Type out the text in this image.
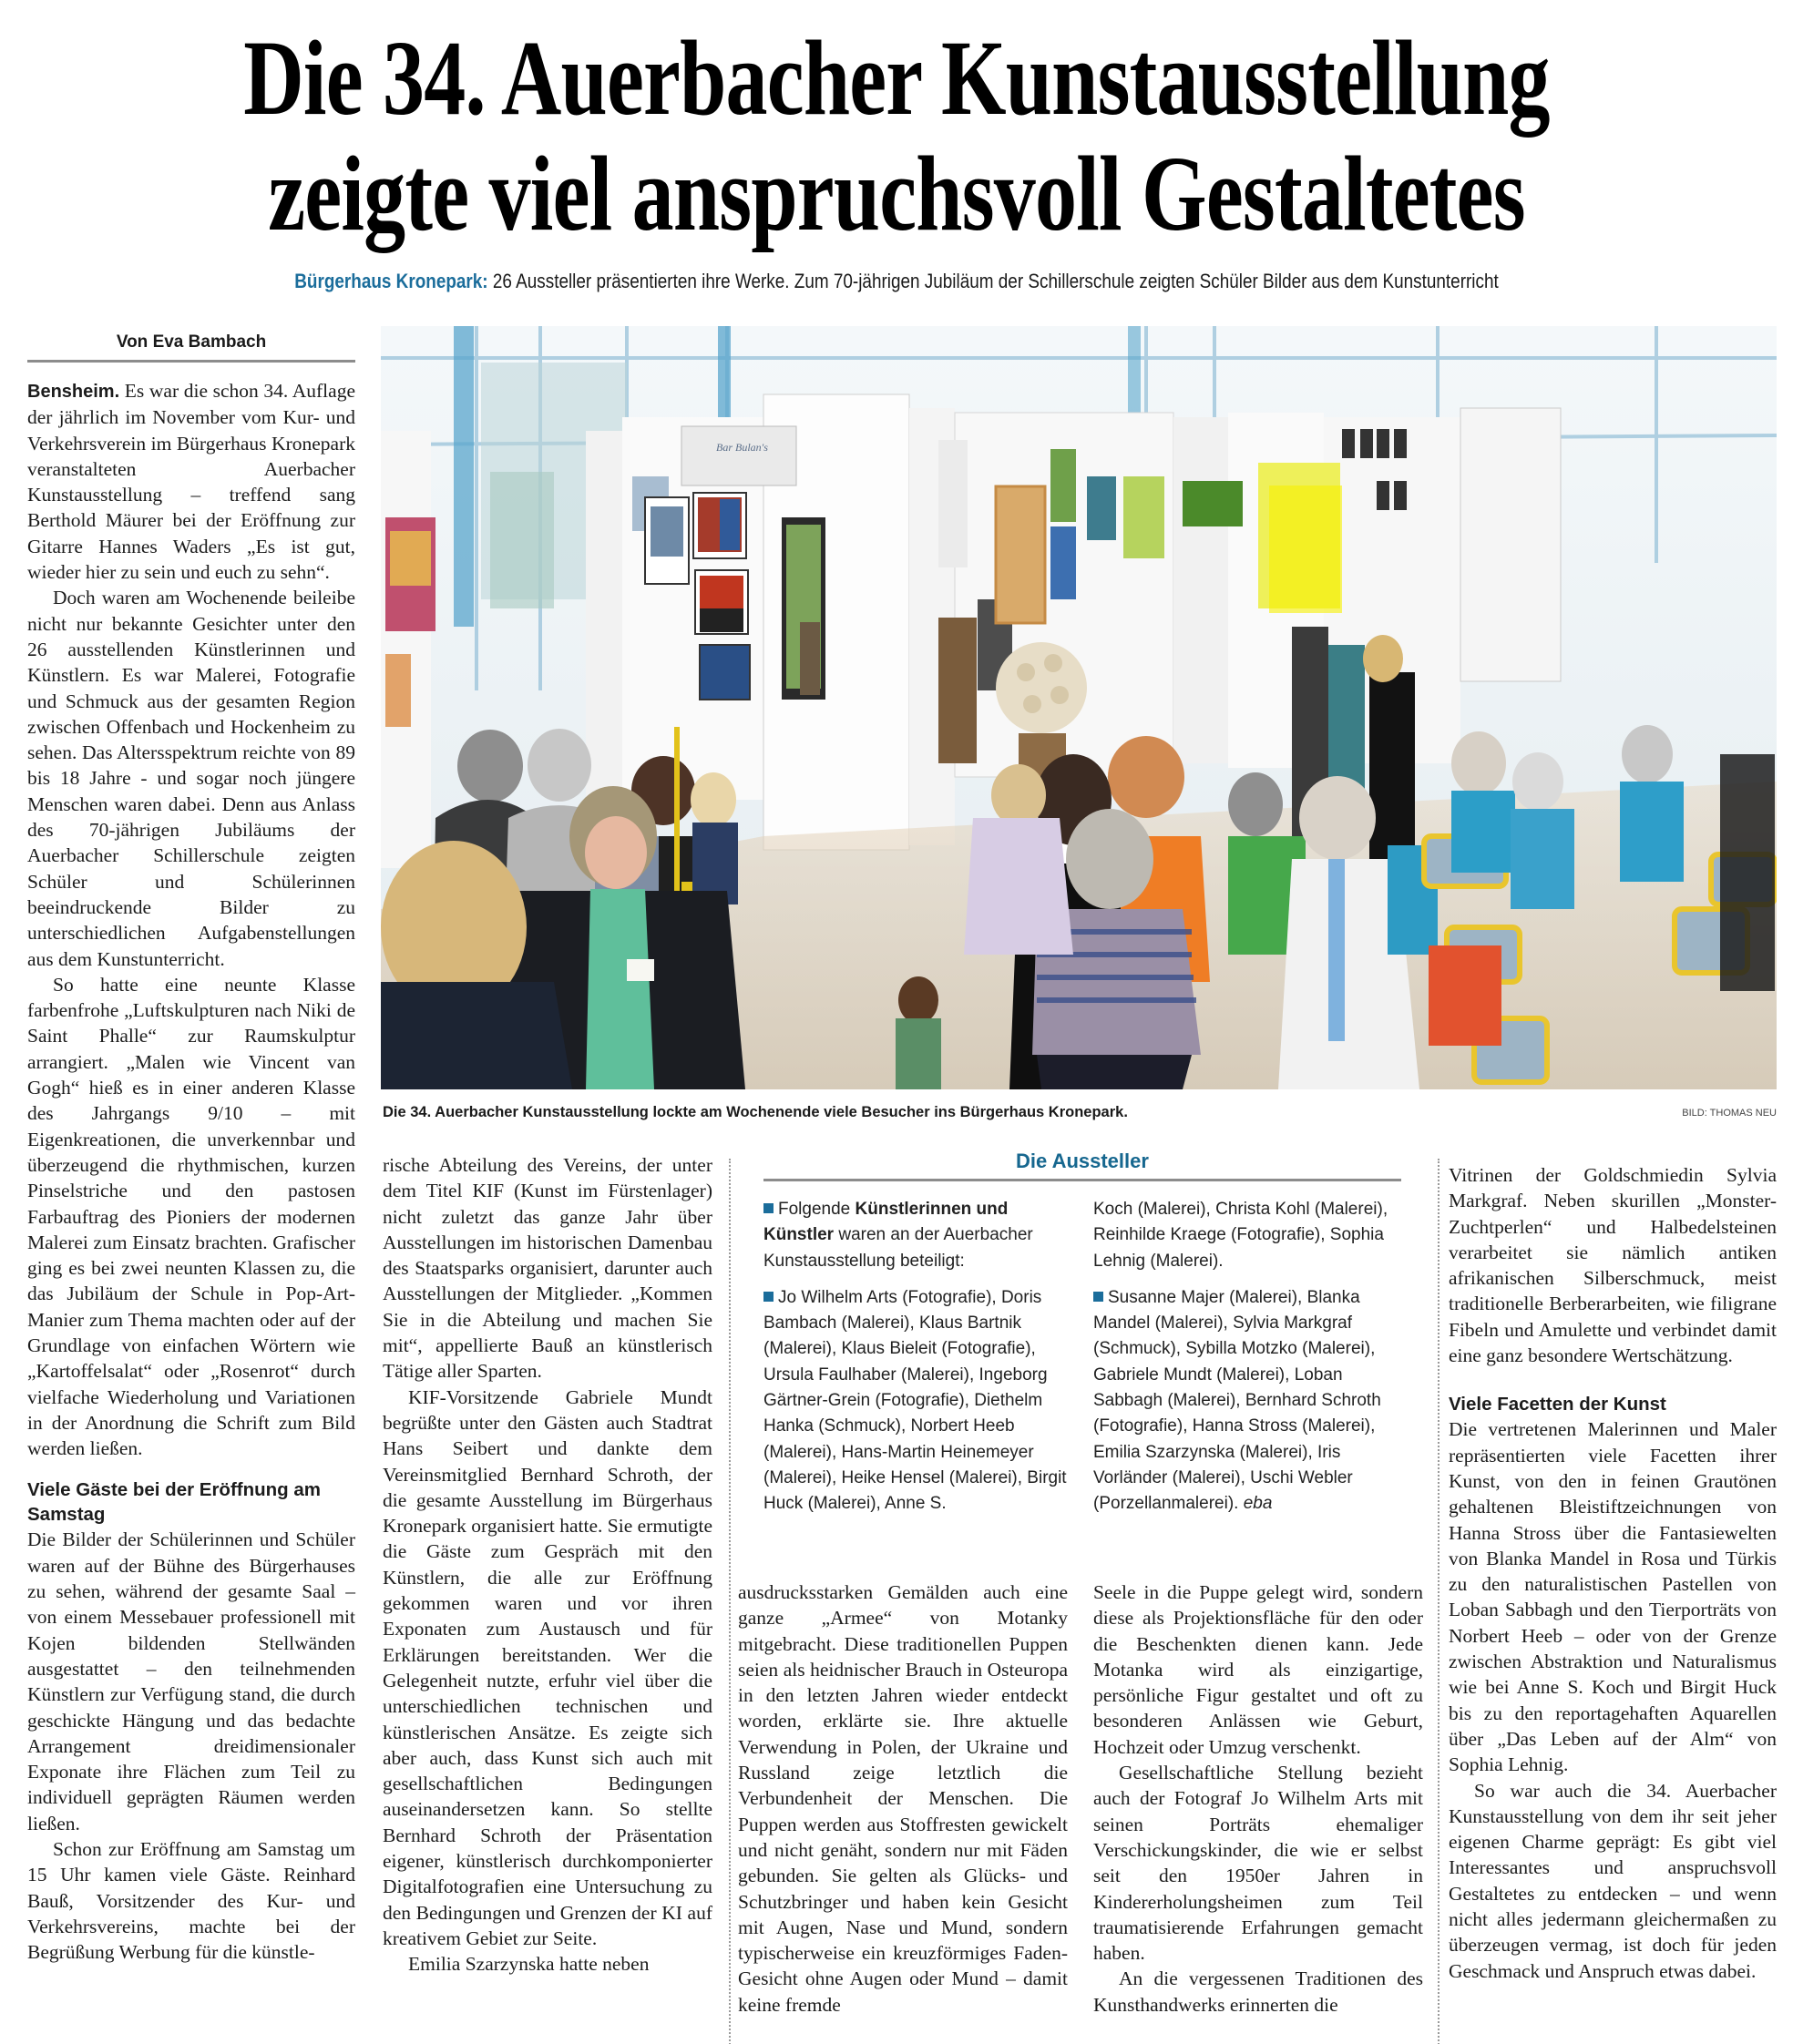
Die 34. Auerbacher Kunstausstellung
zeigte viel anspruchsvoll Gestaltetes
Bürgerhaus Kronepark: 26 Aussteller präsentierten ihre Werke. Zum 70-jährigen Jubiläum der Schillerschule zeigten Schüler Bilder aus dem Kunstunterricht
Von Eva Bambach

Bensheim. Es war die schon 34. Auflage der jährlich im November vom Kur- und Verkehrsverein im Bürgerhaus Kronepark veranstalteten Auerbacher Kunstausstellung – treffend sang Berthold Mäurer bei der Eröffnung zur Gitarre Hannes Waders „Es ist gut, wieder hier zu sein und euch zu sehn“.

Doch waren am Wochenende beileibe nicht nur bekannte Gesichter unter den 26 ausstellenden Künstlerinnen und Künstlern. Es war Malerei, Fotografie und Schmuck aus der gesamten Region zwischen Offenbach und Hockenheim zu sehen. Das Altersspektrum reichte von 89 bis 18 Jahre - und sogar noch jüngere Menschen waren dabei. Denn aus Anlass des 70-jährigen Jubiläums der Auerbacher Schillerschule zeigten Schüler und Schülerinnen beeindruckende Bilder zu unterschiedlichen Aufgabenstellungen aus dem Kunstunterricht.

So hatte eine neunte Klasse farbenfrohe „Luftskulpturen nach Niki de Saint Phalle“ zur Raumskulptur arrangiert. „Malen wie Vincent van Gogh“ hieß es in einer anderen Klasse des Jahrgangs 9/10 – mit Eigenkreationen, die unverkennbar und überzeugend die rhythmischen, kurzen Pinselstriche und den pastosen Farbauftrag des Pioniers der modernen Malerei zum Einsatz brachten. Grafischer ging es bei zwei neunten Klassen zu, die das Jubiläum der Schule in Pop-Art-Manier zum Thema machten oder auf der Grundlage von einfachen Wörtern wie „Kartoffelsalat“ oder „Rosenrot“ durch vielfache Wiederholung und Variationen in der Anordnung die Schrift zum Bild werden ließen.

Viele Gäste bei der Eröffnung am Samstag

Die Bilder der Schülerinnen und Schüler waren auf der Bühne des Bürgerhauses zu sehen, während der gesamte Saal – von einem Messebauer professionell mit Kojen bildenden Stellwänden ausgestattet – den teilnehmenden Künstlern zur Verfügung stand, die durch geschickte Hängung und das bedachte Arrangement dreidimensionaler Exponate ihre Flächen zum Teil zu individuell geprägten Räumen werden ließen.

Schon zur Eröffnung am Samstag um 15 Uhr kamen viele Gäste. Reinhard Bauß, Vorsitzender des Kur- und Verkehrsvereins, machte bei der Begrüßung Werbung für die künstle-

Bar Bulan's
Die 34. Auerbacher Kunstausstellung lockte am Wochenende viele Besucher ins Bürgerhaus Kronepark.	BILD: THOMAS NEU
Die Aussteller

Folgende Künstlerinnen und Künstler waren an der Auerbacher Kunstausstellung beteiligt:

Jo Wilhelm Arts (Fotografie), Doris Bambach (Malerei), Klaus Bartnik (Malerei), Klaus Bieleit (Fotografie), Ursula Faulhaber (Malerei), Ingeborg Gärtner-Grein (Fotografie), Diethelm Hanka (Schmuck), Norbert Heeb (Malerei), Hans-Martin Heinemeyer (Malerei), Heike Hensel (Malerei), Birgit Huck (Malerei), Anne S.

Koch (Malerei), Christa Kohl (Malerei), Reinhilde Kraege (Fotografie), Sophia Lehnig (Malerei).

Susanne Majer (Malerei), Blanka Mandel (Malerei), Sylvia Markgraf (Schmuck), Sybilla Motzko (Malerei), Gabriele Mundt (Malerei), Loban Sabbagh (Malerei), Bernhard Schroth (Fotografie), Hanna Stross (Malerei), Emilia Szarzynska (Malerei), Iris Vorländer (Malerei), Uschi Webler (Porzellanmalerei). eba

rische Abteilung des Vereins, der unter dem Titel KIF (Kunst im Fürstenlager) nicht zuletzt das ganze Jahr über Ausstellungen im historischen Damenbau des Staatsparks organisiert, darunter auch Ausstellungen der Mitglieder. „Kommen Sie in die Abteilung und machen Sie mit“, appellierte Bauß an künstlerisch Tätige aller Sparten.

KIF-Vorsitzende Gabriele Mundt begrüßte unter den Gästen auch Stadtrat Hans Seibert und dankte dem Vereinsmitglied Bernhard Schroth, der die gesamte Ausstellung im Bürgerhaus Kronepark organisiert hatte. Sie ermutigte die Gäste zum Gespräch mit den Künstlern, die alle zur Eröffnung gekommen waren und vor ihren Exponaten zum Austausch und für Erklärungen bereitstanden. Wer die Gelegenheit nutzte, erfuhr viel über die unterschiedlichen technischen und künstlerischen Ansätze. Es zeigte sich aber auch, dass Kunst sich auch mit gesellschaftlichen Bedingungen auseinandersetzen kann. So stellte Bernhard Schroth der Präsentation eigener, künstlerisch durchkomponierter Digitalfotografien eine Untersuchung zu den Bedingungen und Grenzen der KI auf kreativem Gebiet zur Seite.

Emilia Szarzynska hatte neben

ausdrucksstarken Gemälden auch eine ganze „Armee“ von Motanky mitgebracht. Diese traditionellen Puppen seien als heidnischer Brauch in Osteuropa in den letzten Jahren wieder entdeckt worden, erklärte sie. Ihre aktuelle Verwendung in Polen, der Ukraine und Russland zeige letztlich die Verbundenheit der Menschen. Die Puppen werden aus Stoffresten gewickelt und nicht genäht, sondern nur mit Fäden gebunden. Sie gelten als Glücks- und Schutzbringer und haben kein Gesicht mit Augen, Nase und Mund, sondern typischerweise ein kreuzförmiges Faden-Gesicht ohne Augen oder Mund – damit keine fremde

Seele in die Puppe gelegt wird, sondern diese als Projektionsfläche für den oder die Beschenkten dienen kann. Jede Motanka wird als einzigartige, persönliche Figur gestaltet und oft zu besonderen Anlässen wie Geburt, Hochzeit oder Umzug verschenkt.

Gesellschaftliche Stellung bezieht auch der Fotograf Jo Wilhelm Arts mit seinen Porträts ehemaliger Verschickungskinder, die wie er selbst seit den 1950er Jahren in Kindererholungsheimen zum Teil traumatisierende Erfahrungen gemacht haben.

An die vergessenen Traditionen des Kunsthandwerks erinnerten die

Vitrinen der Goldschmiedin Sylvia Markgraf. Neben skurillen „Monster-Zuchtperlen“ und Halbedelsteinen verarbeitet sie nämlich antiken afrikanischen Silberschmuck, meist traditionelle Berberarbeiten, wie filigrane Fibeln und Amulette und verbindet damit eine ganz besondere Wertschätzung.

Viele Facetten der Kunst

Die vertretenen Malerinnen und Maler repräsentierten viele Facetten ihrer Kunst, von den in feinen Grautönen gehaltenen Bleistiftzeichnungen von Hanna Stross über die Fantasiewelten von Blanka Mandel in Rosa und Türkis zu den naturalistischen Pastellen von Loban Sabbagh und den Tierporträts von Norbert Heeb – oder von der Grenze zwischen Abstraktion und Naturalismus wie bei Anne S. Koch und Birgit Huck bis zu den reportagehaften Aquarellen über „Das Leben auf der Alm“ von Sophia Lehnig.

So war auch die 34. Auerbacher Kunstausstellung von dem ihr seit jeher eigenen Charme geprägt: Es gibt viel Interessantes und anspruchsvoll Gestaltetes zu entdecken – und wenn nicht alles jedermann gleichermaßen zu überzeugen vermag, ist doch für jeden Geschmack und Anspruch etwas dabei.
